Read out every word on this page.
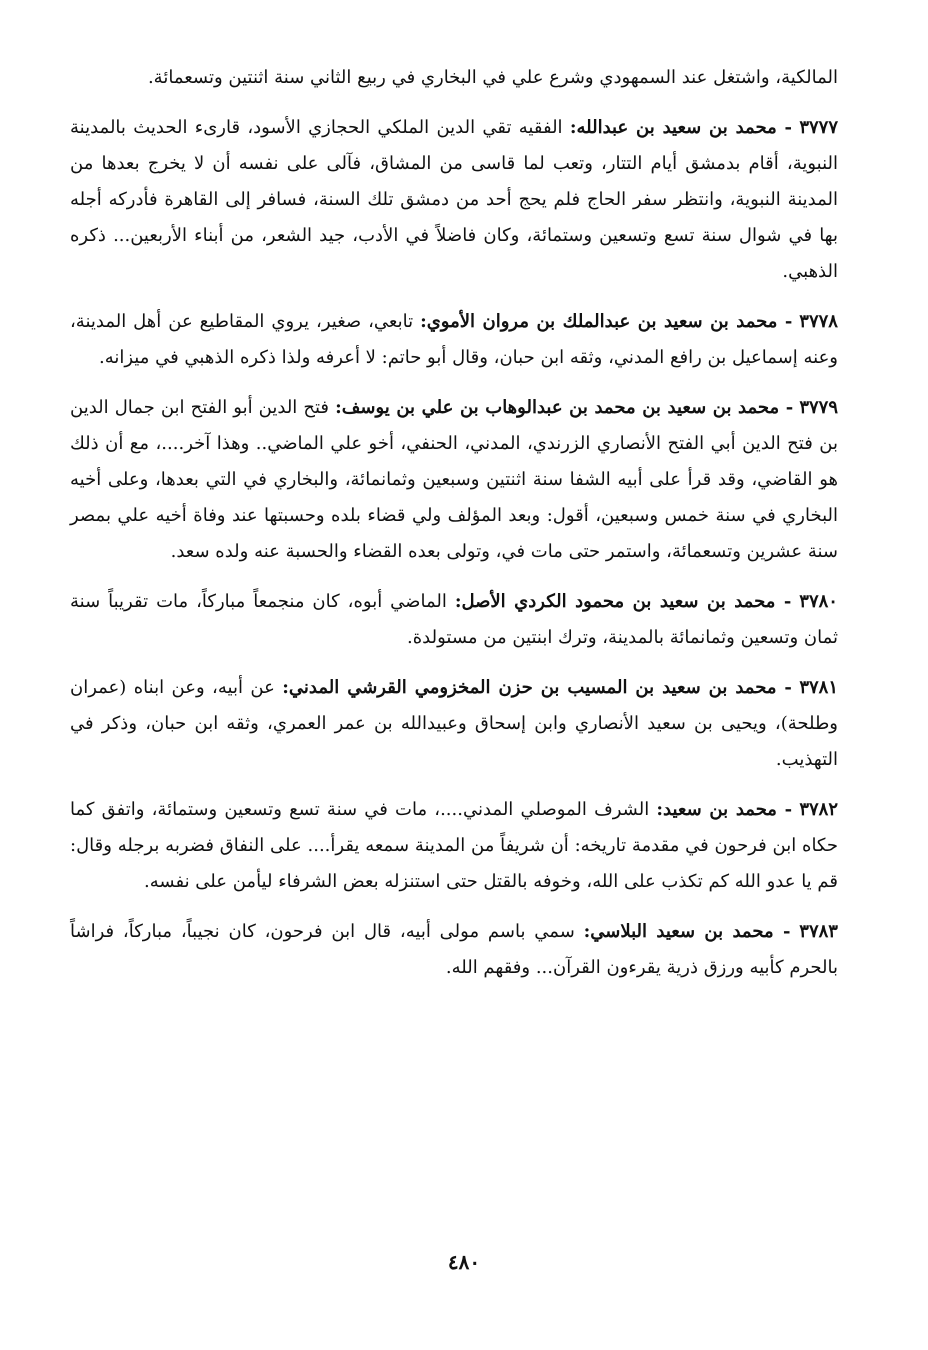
المالكية، واشتغل عند السمهودي وشرع علي في البخاري في ربيع الثاني سنة اثنتين وتسعمائة.

٣٧٧٧ - محمد بن سعيد بن عبدالله: الفقيه تقي الدين الملكي الحجازي الأسود، قارىء الحديث بالمدينة النبوية، أقام بدمشق أيام التتار، وتعب لما قاسى من المشاق، فآلى على نفسه أن لا يخرج بعدها من المدينة النبوية، وانتظر سفر الحاج فلم يحج أحد من دمشق تلك السنة، فسافر إلى القاهرة فأدركه أجله بها في شوال سنة تسع وتسعين وستمائة، وكان فاضلاً في الأدب، جيد الشعر، من أبناء الأربعين... ذكره الذهبي.

٣٧٧٨ - محمد بن سعيد بن عبدالملك بن مروان الأموي: تابعي، صغير، يروي المقاطيع عن أهل المدينة، وعنه إسماعيل بن رافع المدني، وثقه ابن حبان، وقال أبو حاتم: لا أعرفه ولذا ذكره الذهبي في ميزانه.

٣٧٧٩ - محمد بن سعيد بن محمد بن عبدالوهاب بن علي بن يوسف: فتح الدين أبو الفتح ابن جمال الدين بن فتح الدين أبي الفتح الأنصاري الزرندي، المدني، الحنفي، أخو علي الماضي.. وهذا آخر....، مع أن ذلك هو القاضي، وقد قرأ على أبيه الشفا سنة اثنتين وسبعين وثمانمائة، والبخاري في التي بعدها، وعلى أخيه البخاري في سنة خمس وسبعين، أقول: وبعد المؤلف ولي قضاء بلده وحسبتها عند وفاة أخيه علي بمصر سنة عشرين وتسعمائة، واستمر حتى مات في، وتولى بعده القضاء والحسبة عنه ولده سعد.

٣٧٨٠ - محمد بن سعيد بن محمود الكردي الأصل: الماضي أبوه، كان منجمعاً مباركاً، مات تقريباً سنة ثمان وتسعين وثمانمائة بالمدينة، وترك ابنتين من مستولدة.

٣٧٨١ - محمد بن سعيد بن المسيب بن حزن المخزومي القرشي المدني: عن أبيه، وعن ابناه (عمران وطلحة)، ويحيى بن سعيد الأنصاري وابن إسحاق وعبيدالله بن عمر العمري، وثقه ابن حبان، وذكر في التهذيب.

٣٧٨٢ - محمد بن سعيد: الشرف الموصلي المدني....، مات في سنة تسع وتسعين وستمائة، واتفق كما حكاه ابن فرحون في مقدمة تاريخه: أن شريفاً من المدينة سمعه يقرأ.... على النفاق فضربه برجله وقال: قم يا عدو الله كم تكذب على الله، وخوفه بالقتل حتى استنزله بعض الشرفاء ليأمن على نفسه.

٣٧٨٣ - محمد بن سعيد البلاسي: سمي باسم مولى أبيه، قال ابن فرحون، كان نجيباً، مباركاً، فراشاً بالحرم كأبيه ورزق ذرية يقرءون القرآن... وفقهم الله.

٤٨٠
